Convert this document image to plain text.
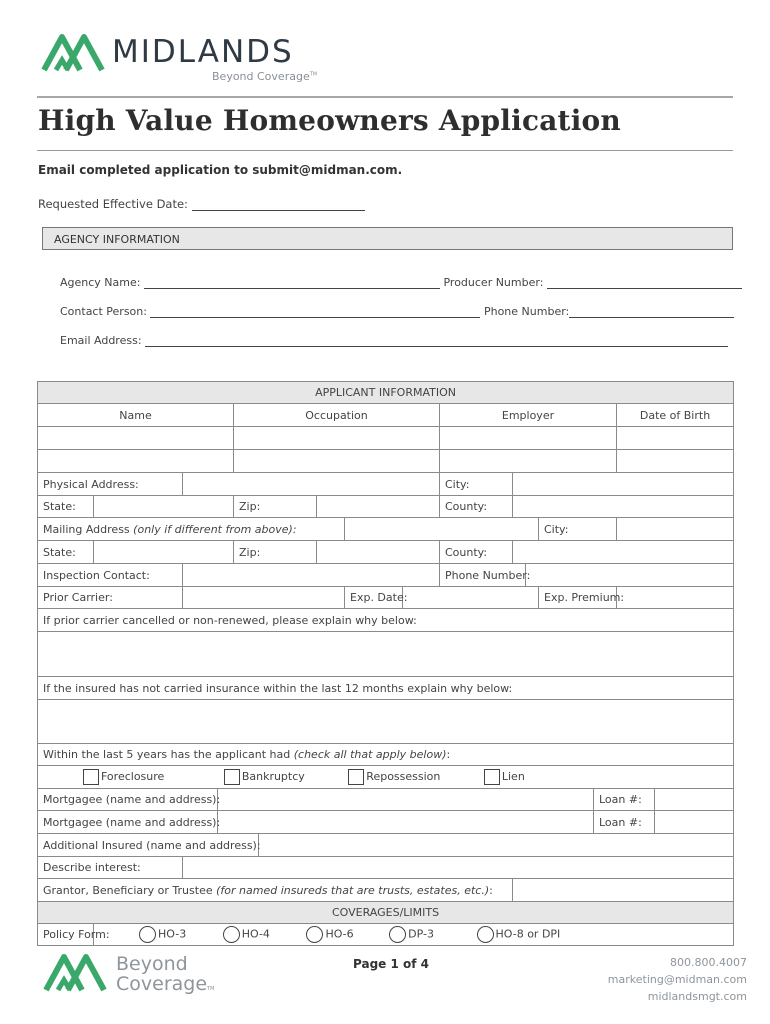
MIDLANDS
Beyond Coverage™
High Value Homeowners Application
Email completed application to submit@midman.com.
Requested Effective Date:
AGENCY INFORMATION
Agency Name:	Producer Number:
Contact Person:	Phone Number:
Email Address:
APPLICANT INFORMATION															
Name				Occupation					Employer					Date of Birth	

Physical Address:									City:						
State:				Zip:					County:						
Mailing Address (only if different from above):												City:			
State:				Zip:					County:						
Inspection Contact:									Phone Number:						
Prior Carrier:							Exp. Date:					Exp. Premium:			
If prior carrier cancelled or non-renewed, please explain why below:															

If the insured has not carried insurance within the last 12 months explain why below:															

Within the last 5 years has the applicant had (check all that apply below):															
Foreclosure Bankruptcy Repossession Lien															
Mortgagee (name and address):													Loan #:		
Mortgagee (name and address):													Loan #:		
Additional Insured (name and address):															
Describe interest:															
Grantor, Beneficiary or Trustee (for named insureds that are trusts, estates, etc.):															
COVERAGES/LIMITS															
Policy Form:	HO-3 HO-4 HO-6 DP-3 HO-8 or DPI														
Beyond
CoverageTM
Page 1 of 4	800.800.4007
marketing@midman.com
midlandsmgt.com
